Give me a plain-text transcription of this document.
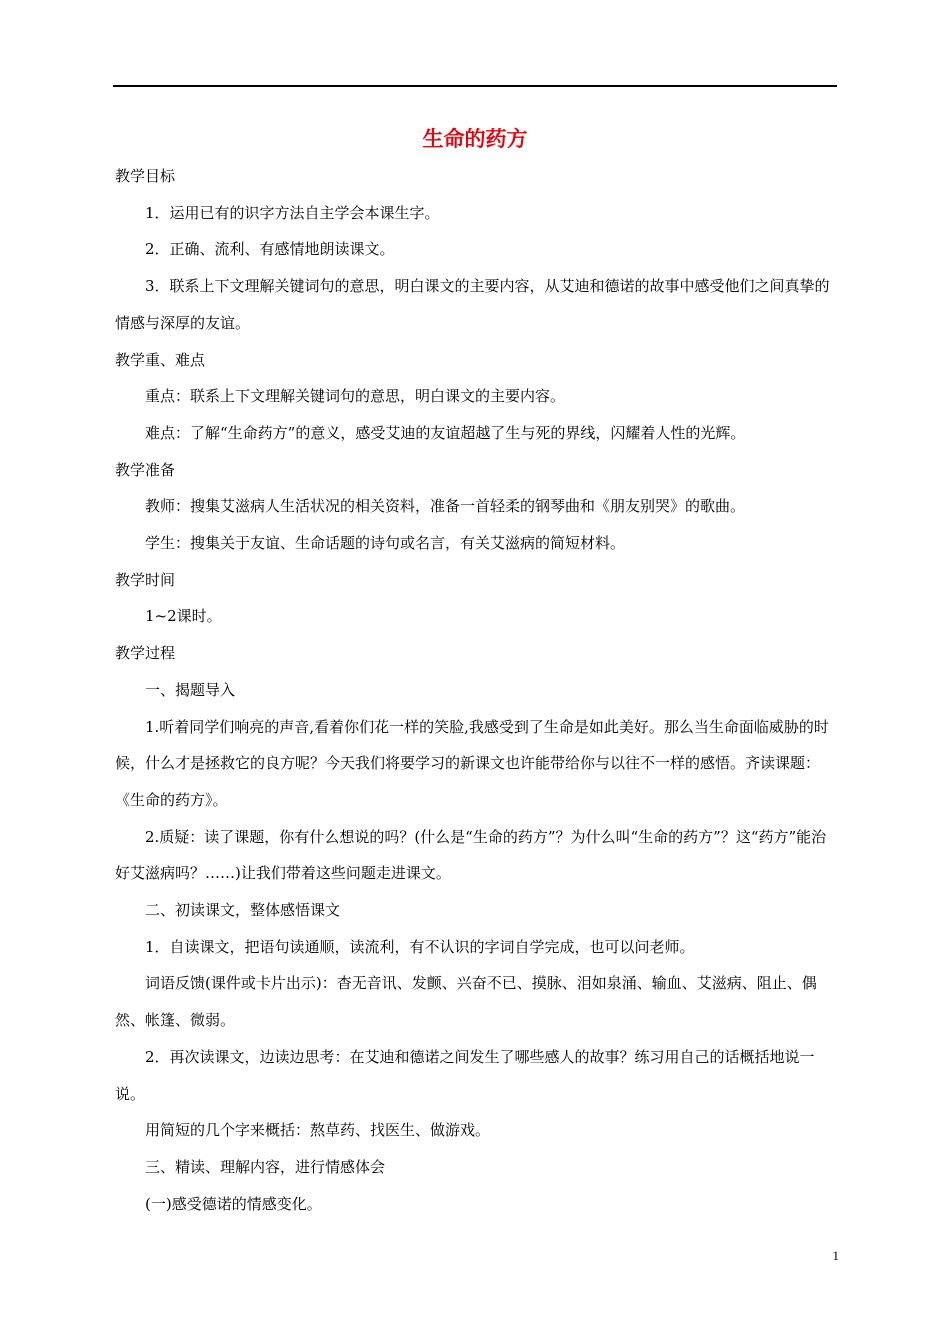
生命的药方

教学目标

1．运用已有的识字方法自主学会本课生字。

2．正确、流利、有感情地朗读课文。

3．联系上下文理解关键词句的意思，明白课文的主要内容，从艾迪和德诺的故事中感受他们之间真挚的情感与深厚的友谊。

教学重、难点

重点：联系上下文理解关键词句的意思，明白课文的主要内容。

难点：了解“生命药方”的意义，感受艾迪的友谊超越了生与死的界线，闪耀着人性的光辉。

教学准备

教师：搜集艾滋病人生活状况的相关资料，准备一首轻柔的钢琴曲和《朋友别哭》的歌曲。

学生：搜集关于友谊、生命话题的诗句或名言，有关艾滋病的简短材料。

教学时间

1~2课时。

教学过程

一、揭题导入

1.听着同学们响亮的声音,看着你们花一样的笑脸,我感受到了生命是如此美好。那么当生命面临威胁的时候，什么才是拯救它的良方呢？今天我们将要学习的新课文也许能带给你与以往不一样的感悟。齐读课题：《生命的药方》。

2.质疑：读了课题，你有什么想说的吗？(什么是“生命的药方”？为什么叫“生命的药方”？这“药方”能治好艾滋病吗？……)让我们带着这些问题走进课文。

二、初读课文，整体感悟课文

1．自读课文，把语句读通顺，读流利，有不认识的字词自学完成，也可以问老师。

词语反馈(课件或卡片出示)：杳无音讯、发颤、兴奋不已、摸脉、泪如泉涌、输血、艾滋病、阻止、偶然、帐篷、微弱。

2．再次读课文，边读边思考：在艾迪和德诺之间发生了哪些感人的故事？练习用自己的话概括地说一说。

用简短的几个字来概括：熬草药、找医生、做游戏。

三、精读、理解内容，进行情感体会

(一)感受德诺的情感变化。

1
